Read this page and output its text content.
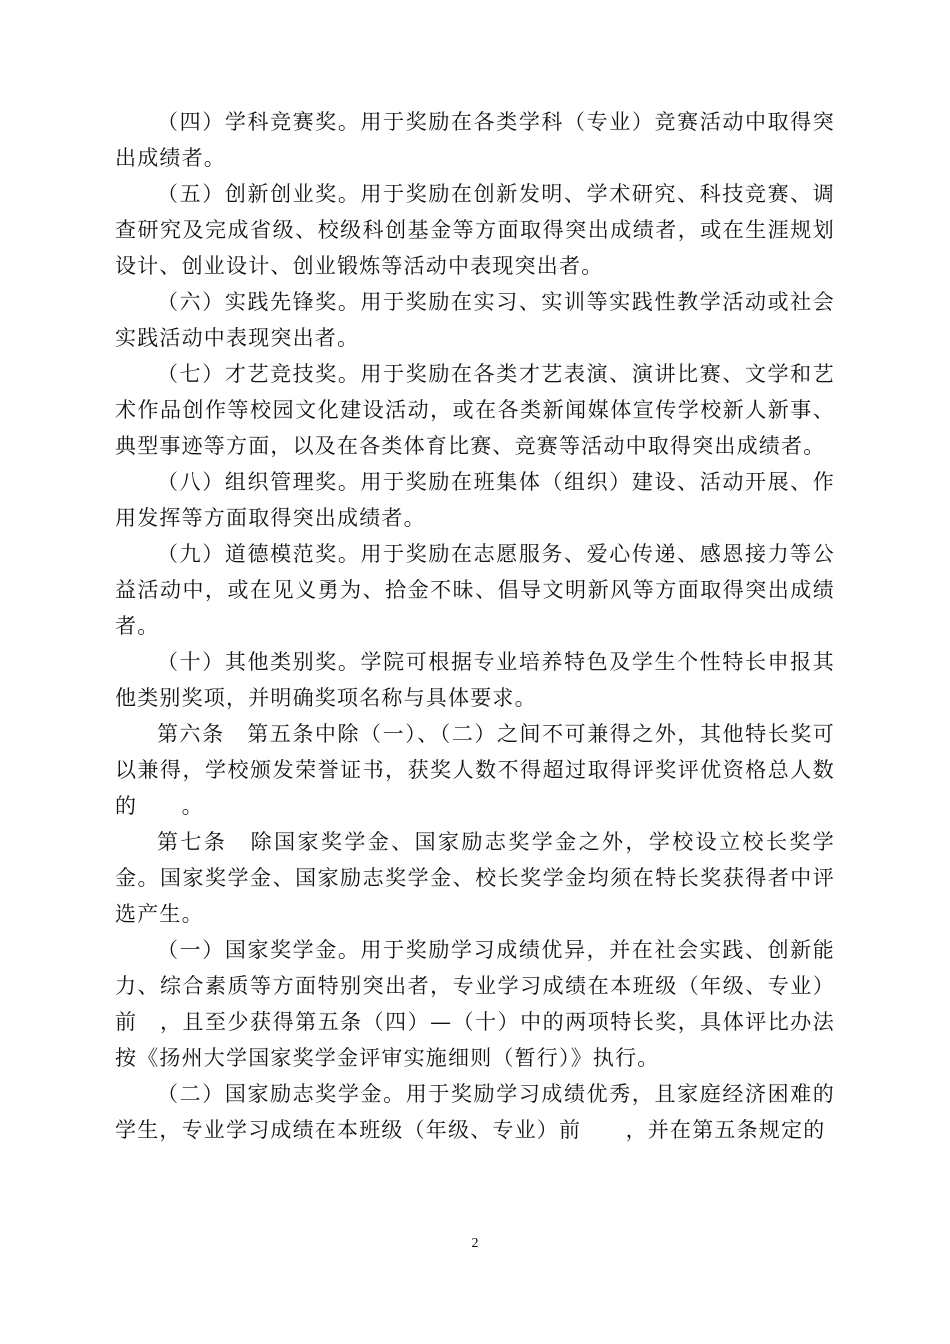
（四）学科竞赛奖。用于奖励在各类学科（专业）竞赛活动中取得突出成绩者。

（五）创新创业奖。用于奖励在创新发明、学术研究、科技竞赛、调查研究及完成省级、校级科创基金等方面取得突出成绩者，或在生涯规划设计、创业设计、创业锻炼等活动中表现突出者。

（六）实践先锋奖。用于奖励在实习、实训等实践性教学活动或社会实践活动中表现突出者。

（七）才艺竞技奖。用于奖励在各类才艺表演、演讲比赛、文学和艺术作品创作等校园文化建设活动，或在各类新闻媒体宣传学校新人新事、典型事迹等方面，以及在各类体育比赛、竞赛等活动中取得突出成绩者。

（八）组织管理奖。用于奖励在班集体（组织）建设、活动开展、作用发挥等方面取得突出成绩者。

（九）道德模范奖。用于奖励在志愿服务、爱心传递、感恩接力等公益活动中，或在见义勇为、拾金不昧、倡导文明新风等方面取得突出成绩者。

（十）其他类别奖。学院可根据专业培养特色及学生个性特长申报其他类别奖项，并明确奖项名称与具体要求。

第六条　第五条中除（一）、（二）之间不可兼得之外，其他特长奖可以兼得，学校颁发荣誉证书，获奖人数不得超过取得评奖评优资格总人数的　　。

第七条　除国家奖学金、国家励志奖学金之外，学校设立校长奖学金。国家奖学金、国家励志奖学金、校长奖学金均须在特长奖获得者中评选产生。

（一）国家奖学金。用于奖励学习成绩优异，并在社会实践、创新能力、综合素质等方面特别突出者，专业学习成绩在本班级（年级、专业）前　，且至少获得第五条（四）—（十）中的两项特长奖，具体评比办法按《扬州大学国家奖学金评审实施细则（暂行）》执行。

（二）国家励志奖学金。用于奖励学习成绩优秀，且家庭经济困难的学生，专业学习成绩在本班级（年级、专业）前　　，并在第五条规定的

2
